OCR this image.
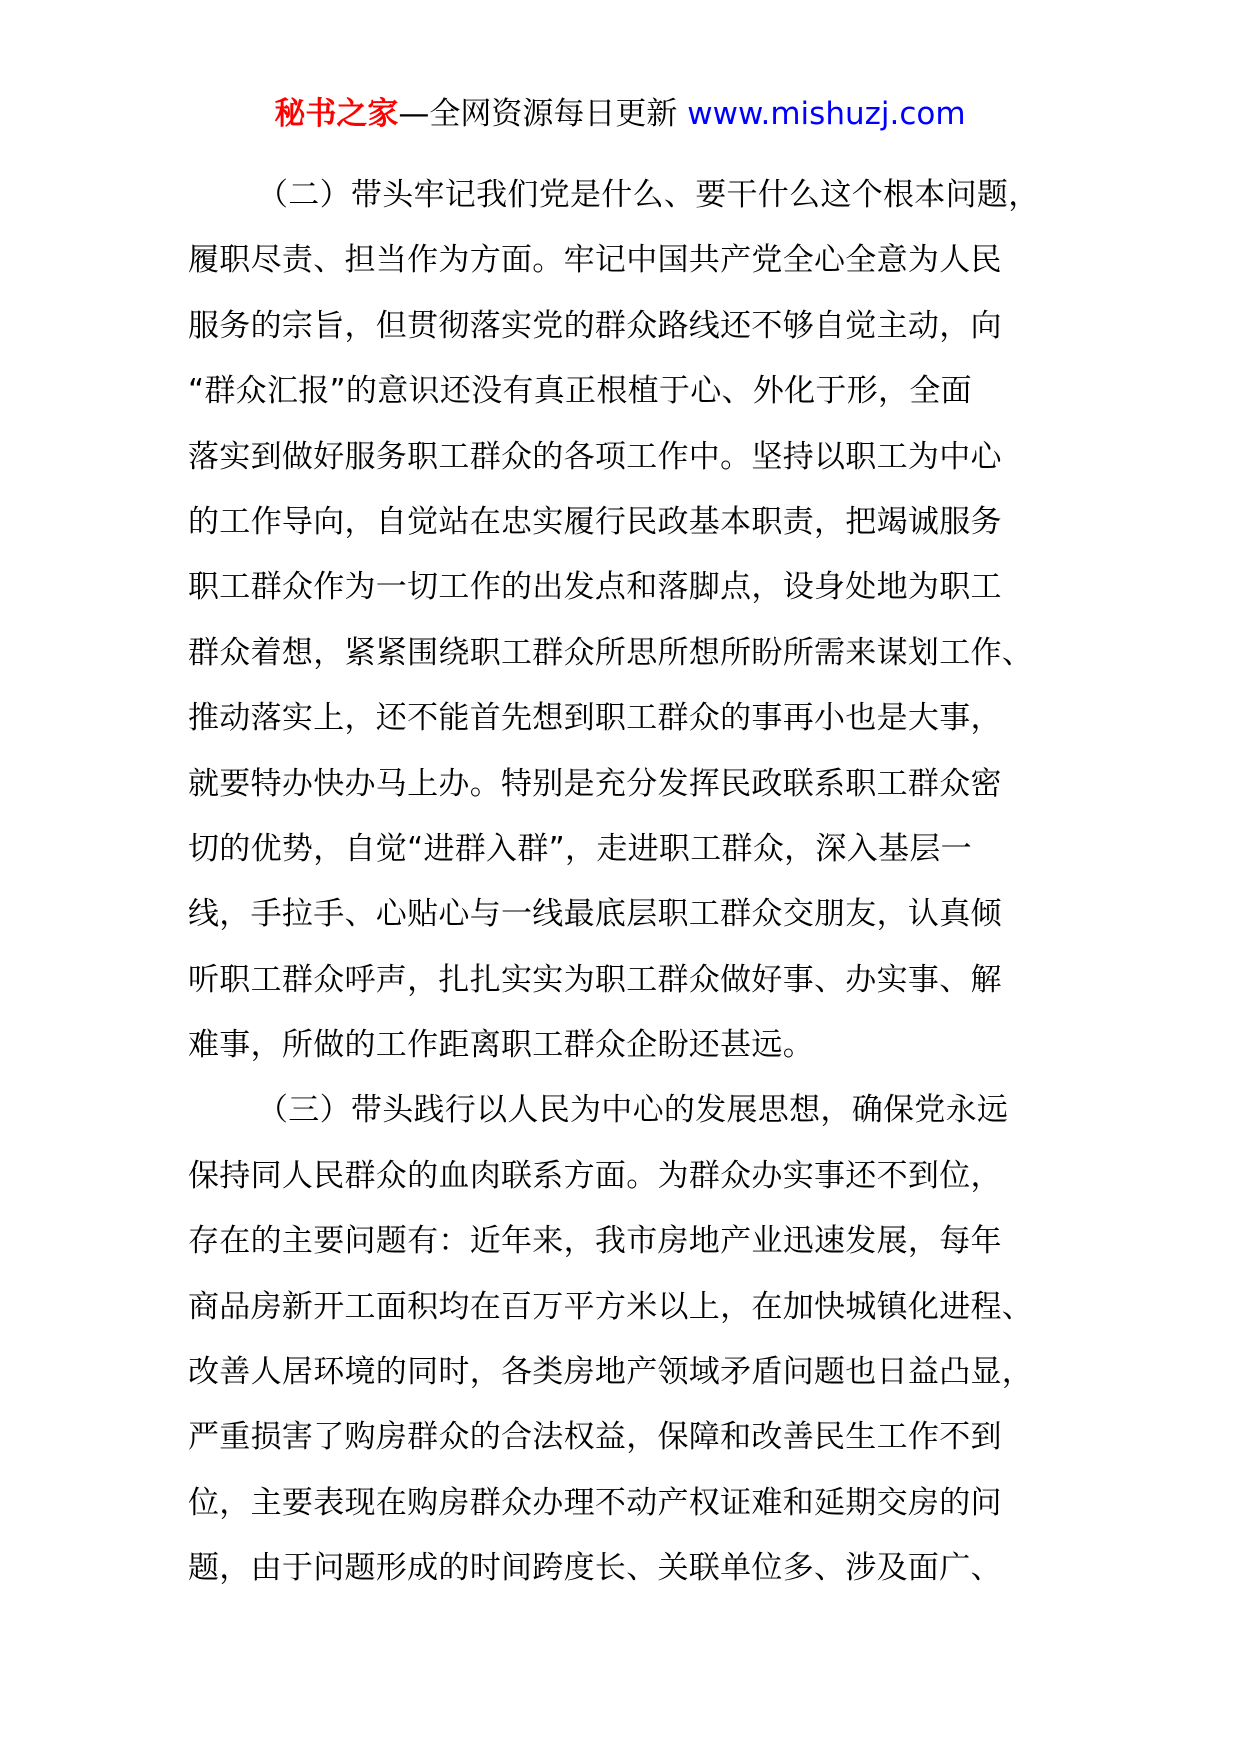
秘书之家—全网资源每日更新 www.mishuzj.com
（二）带头牢记我们党是什么、要干什么这个根本问题，
履职尽责、担当作为方面。牢记中国共产党全心全意为人民
服务的宗旨，但贯彻落实党的群众路线还不够自觉主动，向
“群众汇报”的意识还没有真正根植于心、外化于形，全面
落实到做好服务职工群众的各项工作中。坚持以职工为中心
的工作导向，自觉站在忠实履行民政基本职责，把竭诚服务
职工群众作为一切工作的出发点和落脚点，设身处地为职工
群众着想，紧紧围绕职工群众所思所想所盼所需来谋划工作、
推动落实上，还不能首先想到职工群众的事再小也是大事，
就要特办快办马上办。特别是充分发挥民政联系职工群众密
切的优势，自觉“进群入群”，走进职工群众，深入基层一
线，手拉手、心贴心与一线最底层职工群众交朋友，认真倾
听职工群众呼声，扎扎实实为职工群众做好事、办实事、解
难事，所做的工作距离职工群众企盼还甚远。
（三）带头践行以人民为中心的发展思想，确保党永远
保持同人民群众的血肉联系方面。为群众办实事还不到位，
存在的主要问题有：近年来，我市房地产业迅速发展，每年
商品房新开工面积均在百万平方米以上，在加快城镇化进程、
改善人居环境的同时，各类房地产领域矛盾问题也日益凸显，
严重损害了购房群众的合法权益，保障和改善民生工作不到
位，主要表现在购房群众办理不动产权证难和延期交房的问
题，由于问题形成的时间跨度长、关联单位多、涉及面广、
